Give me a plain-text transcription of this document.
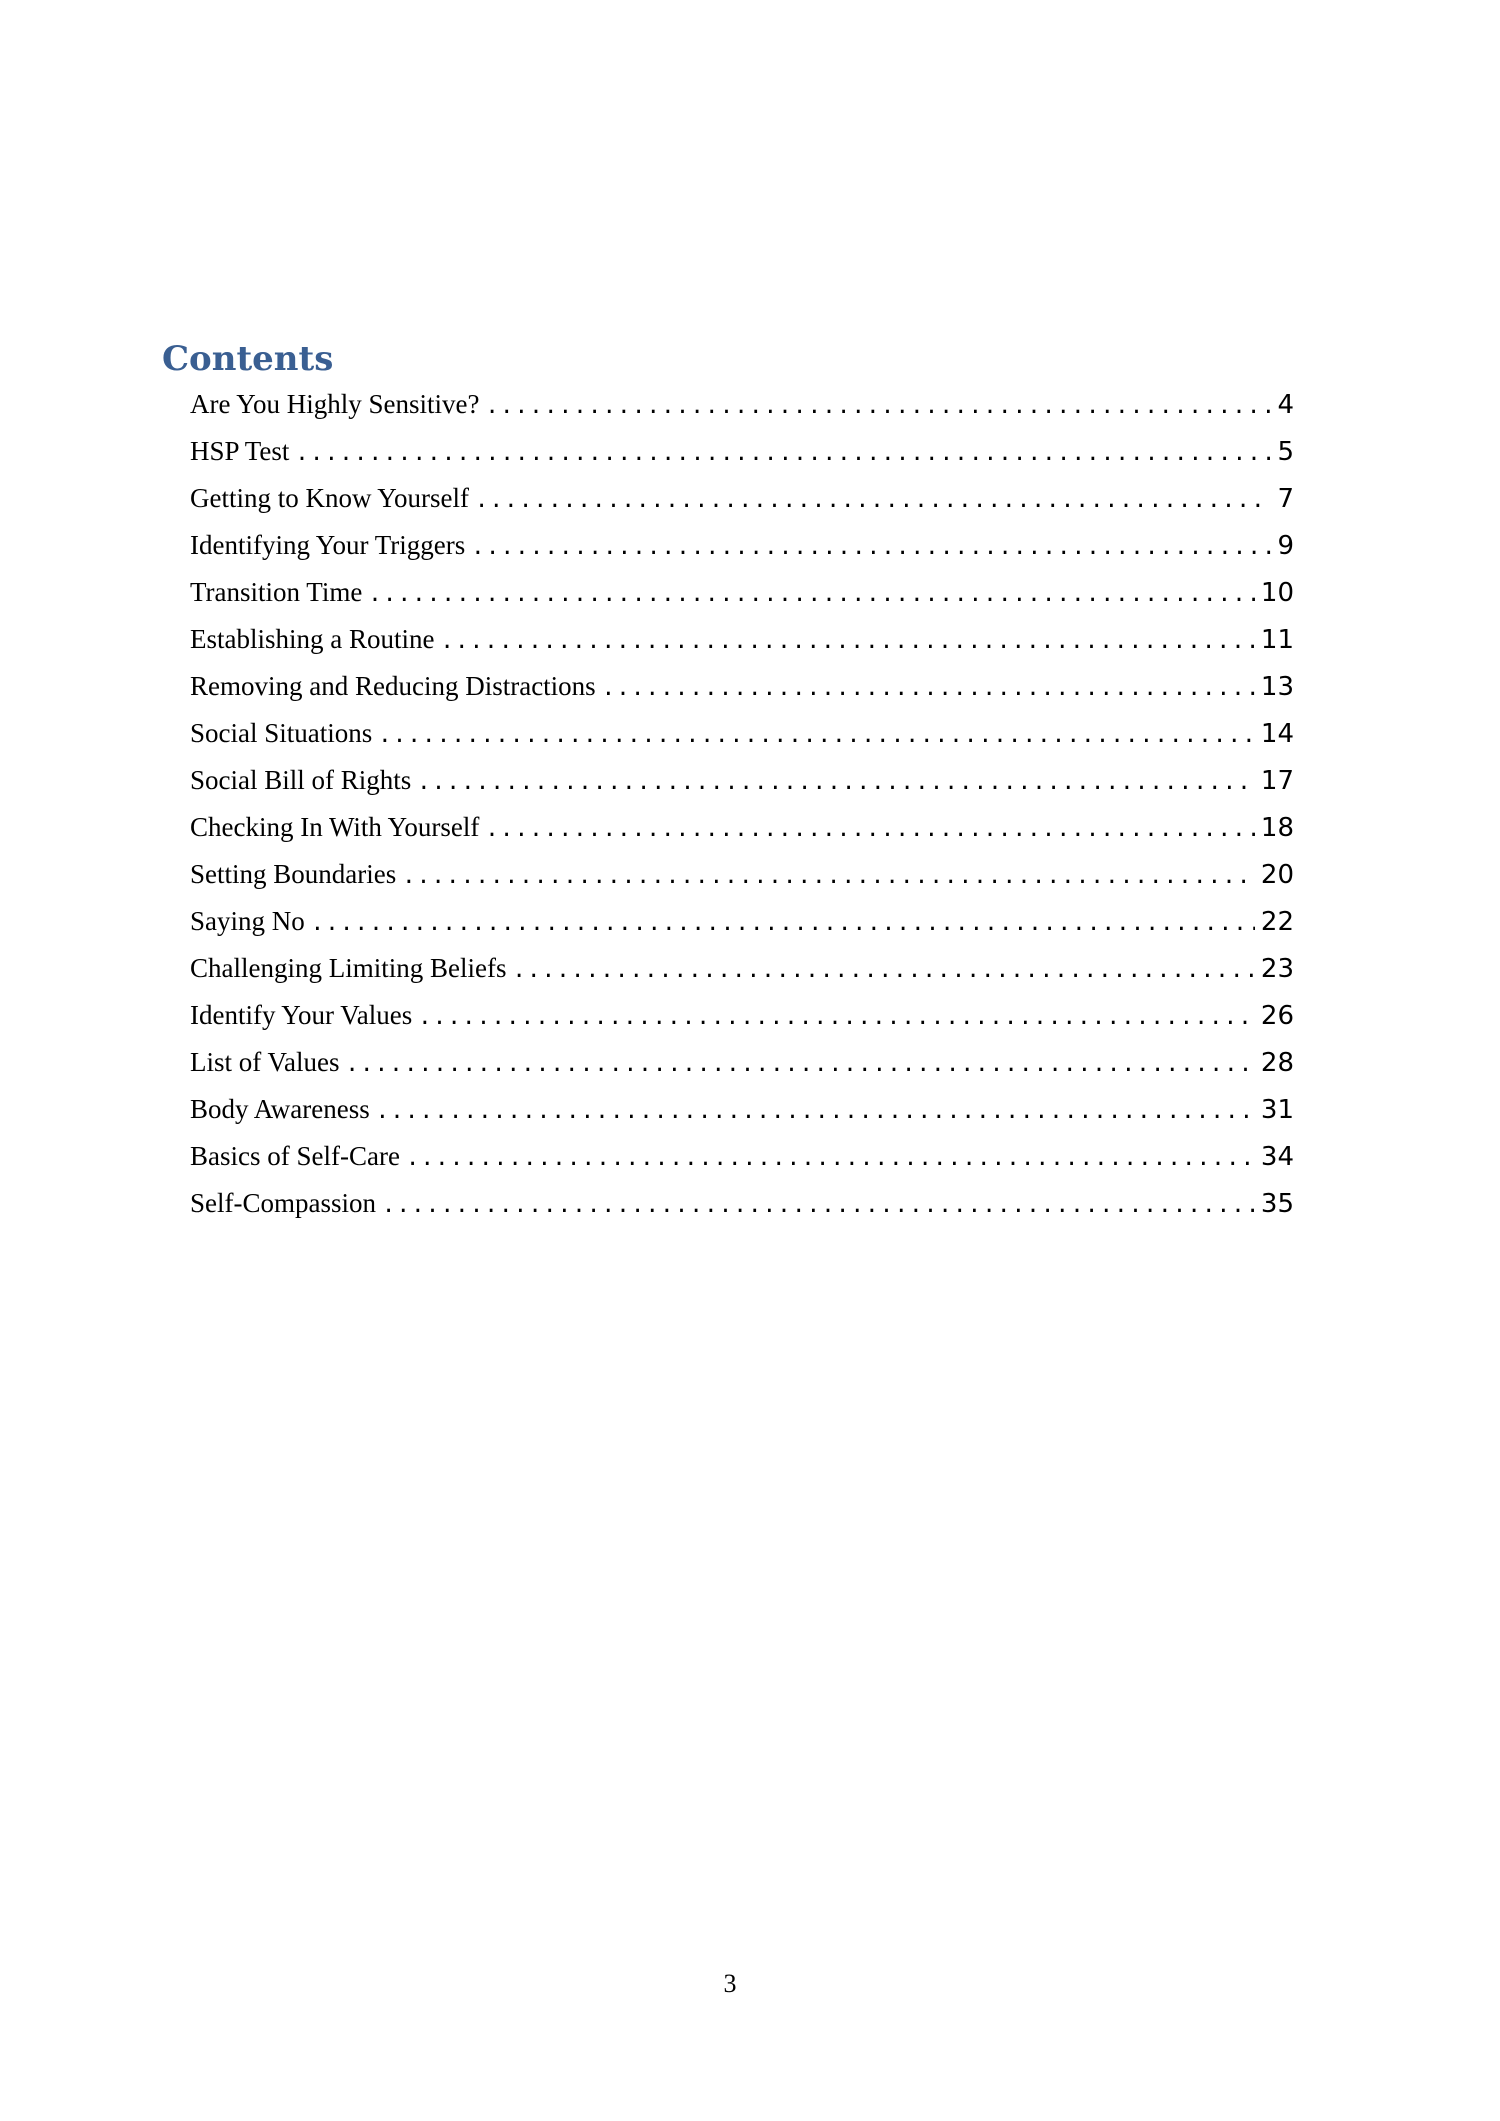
Contents
Are You Highly Sensitive? .....	4
HSP Test .....	5
Getting to Know Yourself .....	7
Identifying Your Triggers .....	9
Transition Time .....	10
Establishing a Routine .....	11
Removing and Reducing Distractions .....	13
Social Situations .....	14
Social Bill of Rights .....	17
Checking In With Yourself .....	18
Setting Boundaries .....	20
Saying No .....	22
Challenging Limiting Beliefs .....	23
Identify Your Values .....	26
List of Values .....	28
Body Awareness .....	31
Basics of Self-Care .....	34
Self-Compassion .....	35
3
